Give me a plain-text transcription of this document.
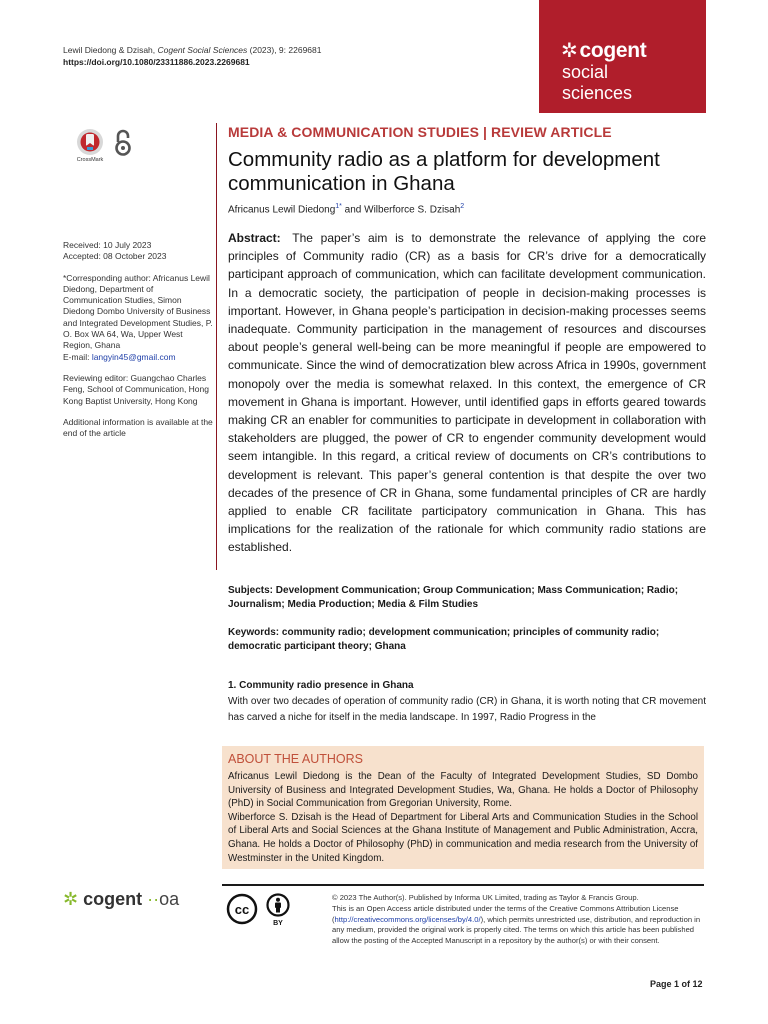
Lewil Diedong & Dzisah, Cogent Social Sciences (2023), 9: 2269681
https://doi.org/10.1080/23311886.2023.2269681	✲cogent
social
sciences
CrossMark

Received: 10 July 2023
Accepted: 08 October 2023

*Corresponding author: Africanus Lewil Diedong, Department of Communication Studies, Simon Diedong Dombo University of Business and Integrated Development Studies, P. O. Box WA 64, Wa, Upper West Region, Ghana
E-mail: langyin45@gmail.com

Reviewing editor: Guangchao Charles Feng, School of Communication, Hong Kong Baptist University, Hong Kong

Additional information is available at the end of the article

MEDIA & COMMUNICATION STUDIES | REVIEW ARTICLE
Community radio as a platform for development communication in Ghana
Africanus Lewil Diedong$^{1*}$ and Wilberforce S. Dzisah$^2$

Abstract: The paper’s aim is to demonstrate the relevance of applying the core principles of Community radio (CR) as a basis for CR’s drive for a democratically participant approach of communication, which can facilitate development communication. In a democratic society, the participation of people in decision-making processes is important. However, in Ghana people’s participation in decision-making processes seems inadequate. Community participation in the management of resources and discourses about people’s general well-being can be more meaningful if people are empowered to communicate. Since the wind of democratization blew across Africa in 1990s, government monopoly over the media is somewhat relaxed. In this context, the emergence of CR movement in Ghana is important. However, until identified gaps in efforts geared towards making CR an enabler for communities to participate in development in collaboration with stakeholders are plugged, the power of CR to engender community development would seem intangible. In this regard, a critical review of documents on CR’s contributions to development is relevant. This paper’s general contention is that despite the over two decades of the presence of CR in Ghana, some fundamental principles of CR are hardly applied to enable CR facilitate participatory communication in Ghana. This has implications for the realization of the rationale for which community radio stations are established.

Subjects: Development Communication; Group Communication; Mass Communication; Radio; Journalism; Media Production; Media & Film Studies

Keywords: community radio; development communication; principles of community radio; democratic participant theory; Ghana

1. Community radio presence in Ghana

With over two decades of operation of community radio (CR) in Ghana, it is worth noting that CR movement has carved a niche for itself in the media landscape. In 1997, Radio Progress in the

ABOUT THE AUTHORS

Africanus Lewil Diedong is the Dean of the Faculty of Integrated Development Studies, SD Dombo University of Business and Integrated Development Studies, Wa, Ghana. He holds a Doctor of Philosophy (PhD) in Social Communication from Gregorian University, Rome.

Wiberforce S. Dzisah is the Head of Department for Liberal Arts and Communication Studies in the School of Liberal Arts and Social Sciences at the Ghana Institute of Management and Public Administration, Accra, Ghana. He holds a Doctor of Philosophy (PhD) in communication and media research from the University of Westminster in the United Kingdom.

✲ cogent ··oa
cc
BY

© 2023 The Author(s). Published by Informa UK Limited, trading as Taylor & Francis Group.

This is an Open Access article distributed under the terms of the Creative Commons Attribution License (http://creativecommons.org/licenses/by/4.0/), which permits unrestricted use, distribution, and reproduction in any medium, provided the original work is properly cited. The terms on which this article has been published allow the posting of the Accepted Manuscript in a repository by the author(s) or with their consent.

Page 1 of 12
